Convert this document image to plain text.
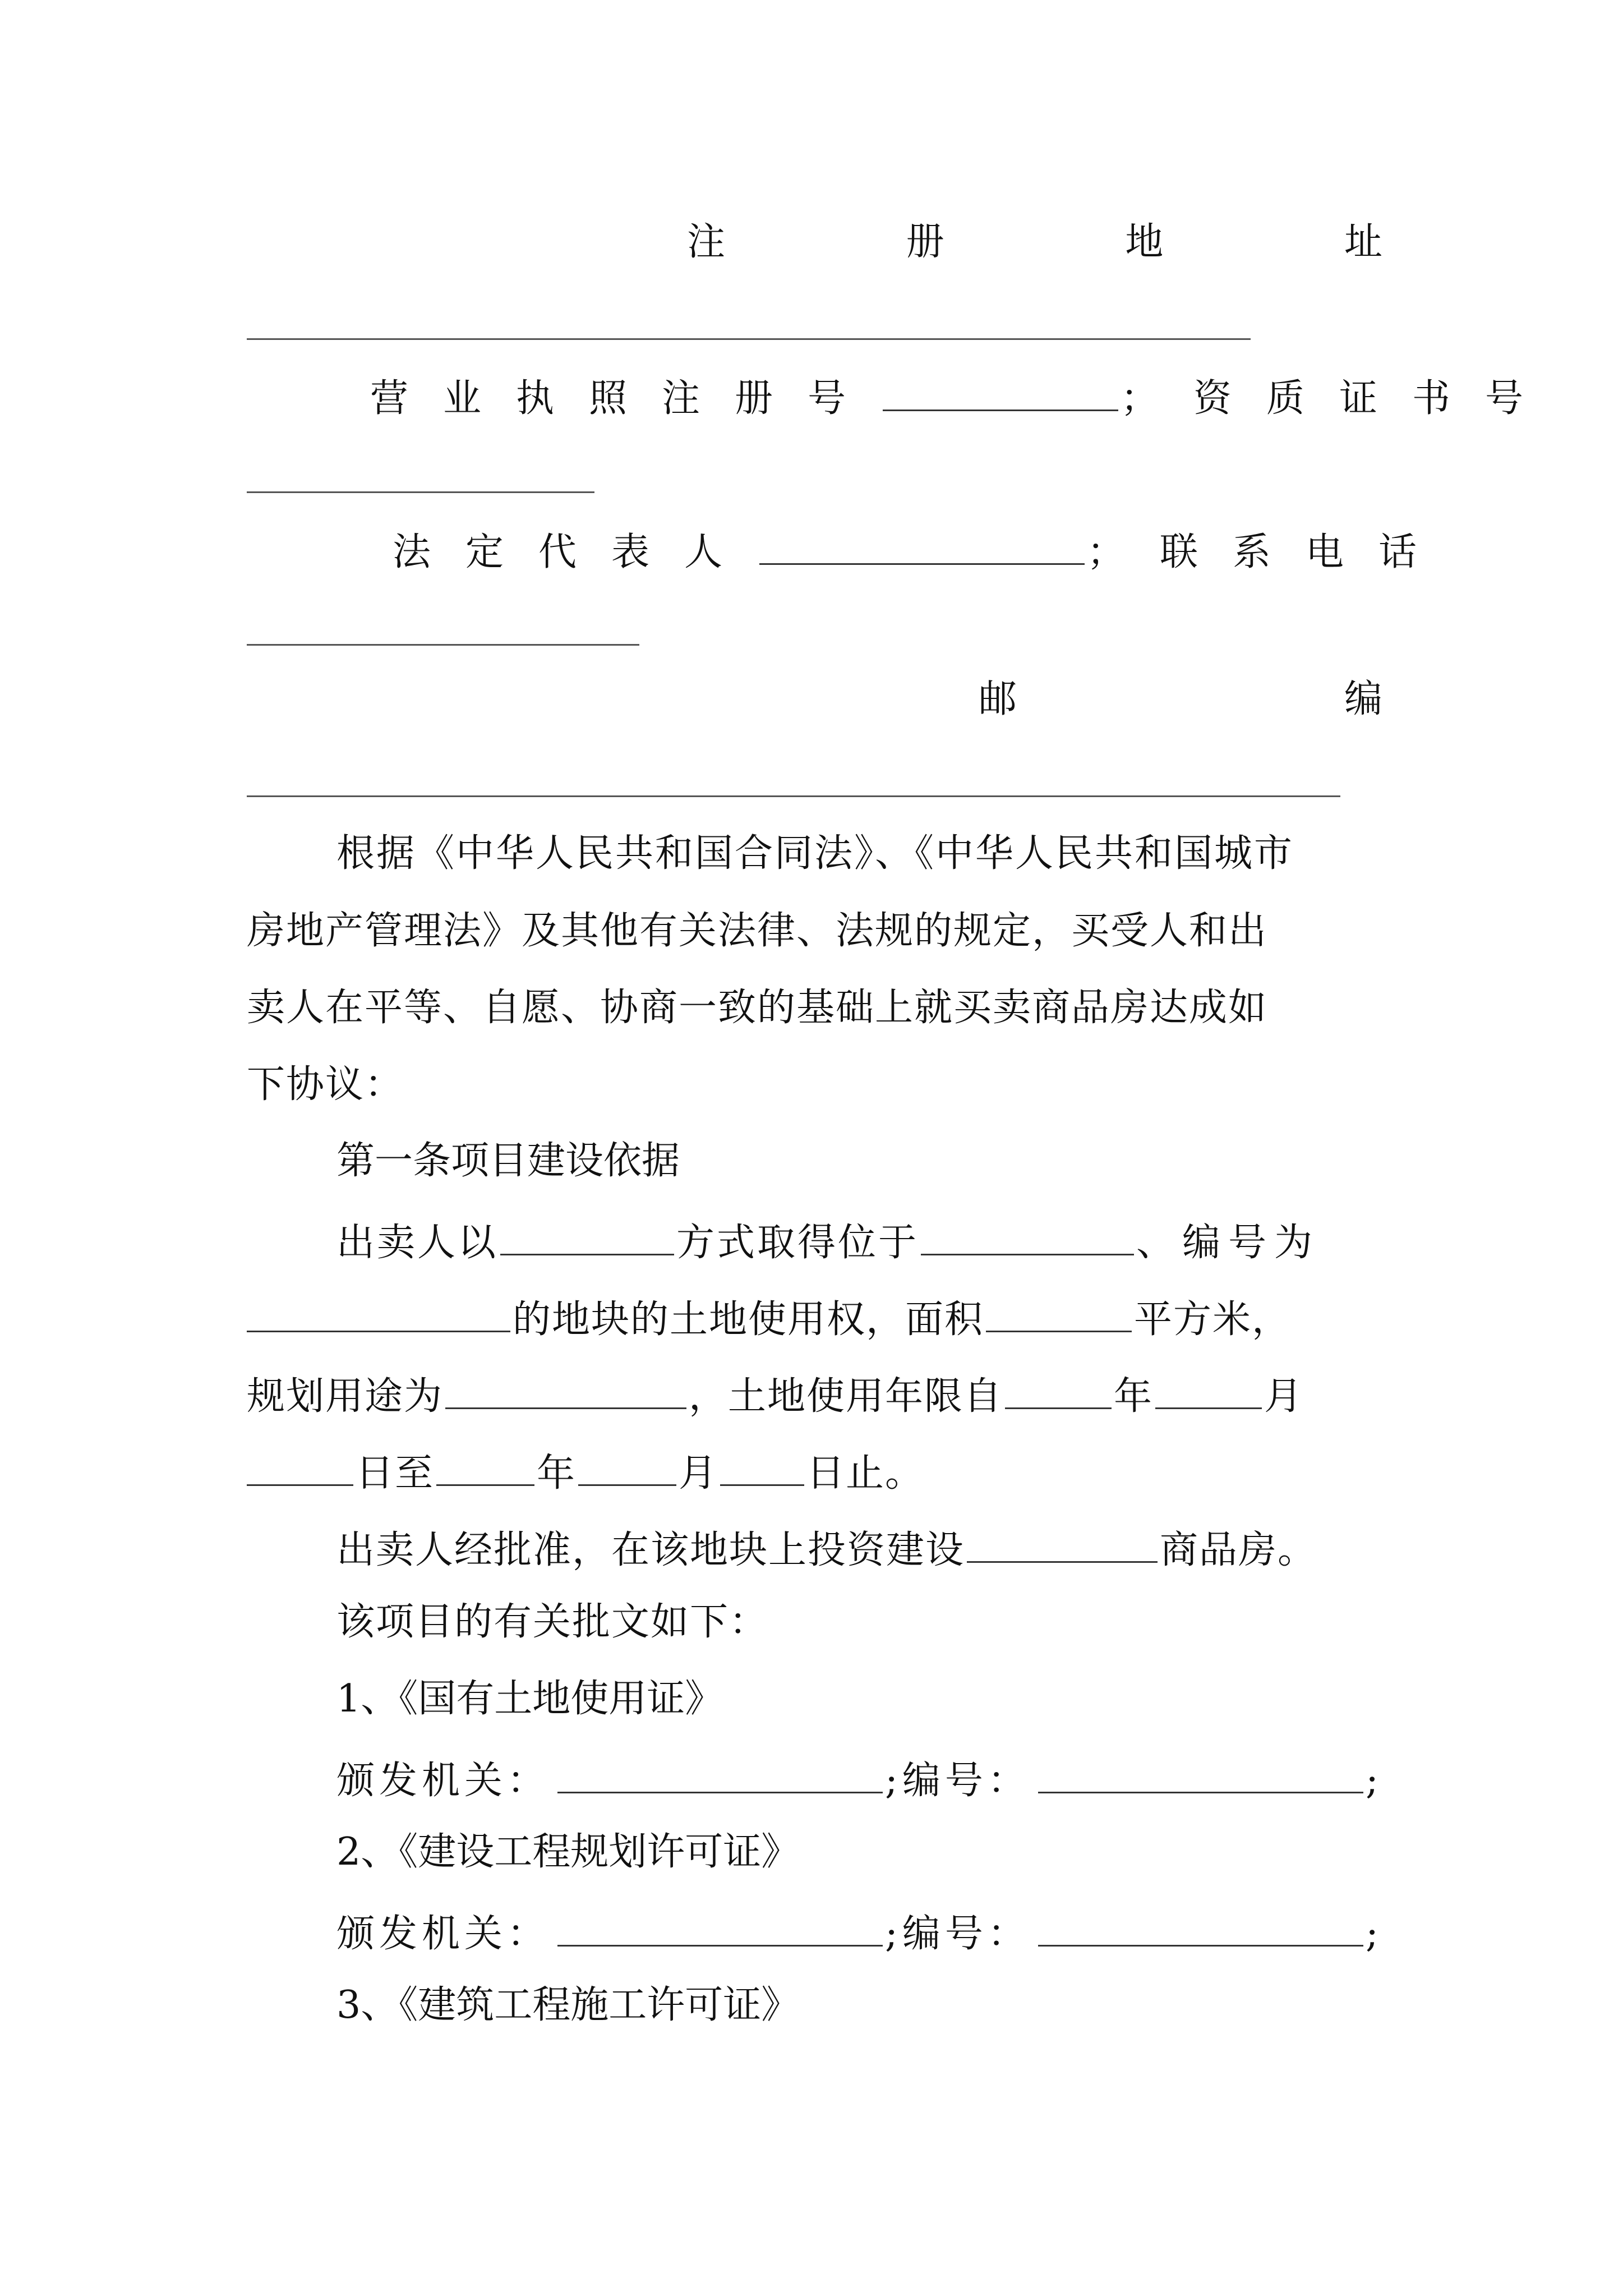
注	册	地	址
营业执照注册号	；资质证书号
法定代表人	；联系电话
邮	编
根据《中华人民共和国合同法》、《中华人民共和国城市
房地产管理法》及其他有关法律、法规的规定，买受人和出
卖人在平等、自愿、协商一致的基础上就买卖商品房达成如
下协议：
第一条项目建设依据
出卖人以	方式取得位于	、编号为
的地块的土地使用权，面积	平方米，
规划用途为	，土地使用年限自	年	月
日至	年	月 日止。
出卖人经批准，在该地块上投资建设	商品房。
该项目的有关批文如下：
1、《国有土地使用证》
颁发机关：	;编号：	;
2、《建设工程规划许可证》
颁发机关：	;编号：	;
3、《建筑工程施工许可证》
